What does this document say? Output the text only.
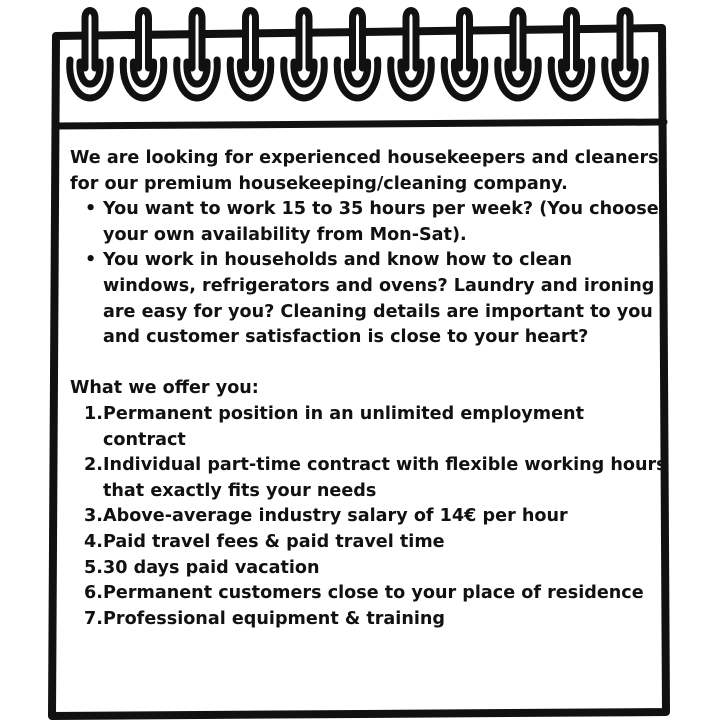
We are looking for experienced housekeepers and cleaners for our premium housekeeping/cleaning company.

• You want to work 15 to 35 hours per week? (You choose your own availability from Mon-Sat).
• You work in households and know how to clean windows, refrigerators and ovens? Laundry and ironing are easy for you? Cleaning details are important to you and customer satisfaction is close to your heart?

What we offer you:

1. Permanent position in an unlimited employment contract
2. Individual part-time contract with flexible working hours that exactly fits your needs
3. Above-average industry salary of 14€ per hour
4. Paid travel fees & paid travel time
5. 30 days paid vacation
6. Permanent customers close to your place of residence
7. Professional equipment & training
